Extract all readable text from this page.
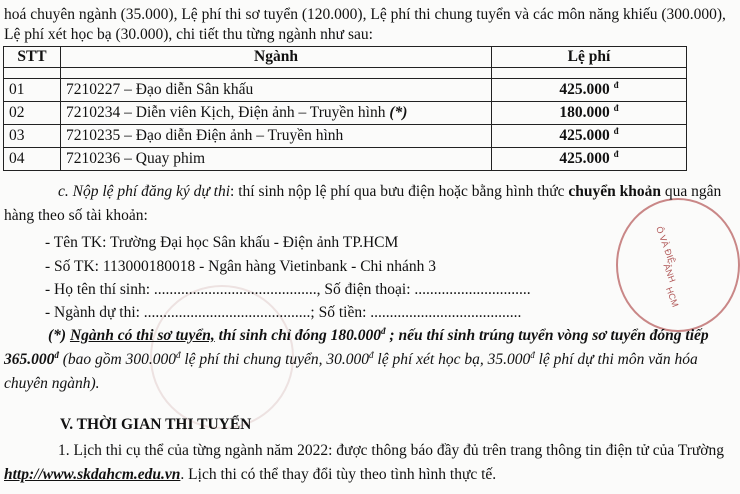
Ô VÀ ĐIỆ
ẢNH
HCM
hoá chuyên ngành (35.000), Lệ phí thi sơ tuyển (120.000), Lệ phí thi chung tuyển và các môn năng khiếu (300.000),
Lệ phí xét học bạ (30.000), chi tiết thu từng ngành như sau:
STT	Ngành	Lệ phí

01	7210227 – Đạo diễn Sân khấu	425.000 $^đ$
02	7210234 – Diễn viên Kịch, Điện ảnh – Truyền hình (*)	180.000 $^đ$
03	7210235 – Đạo diễn Điện ảnh – Truyền hình	425.000 $^đ$
04	7210236 – Quay phim	425.000 $^đ$
c. Nộp lệ phí đăng ký dự thi: thí sinh nộp lệ phí qua bưu điện hoặc bằng hình thức chuyển khoản qua ngân
hàng theo số tài khoản:
- Tên TK: Trường Đại học Sân khấu - Điện ảnh TP.HCM
- Số TK: 113000180018 - Ngân hàng Vietinbank - Chi nhánh 3
- Họ tên thí sinh: .........................................., Số điện thoại: ..............................
- Ngành dự thi: ...........................................; Số tiền: .......................................
(*) Ngành có thi sơ tuyển, thí sinh chỉ đóng $180.000^đ$ ; nếu thí sinh trúng tuyển vòng sơ tuyển đóng tiếp
$365.000^đ$ (bao gồm $300.000^đ$ lệ phí thi chung tuyển, $30.000^đ$ lệ phí xét học bạ, $35.000^đ$ lệ phí dự thi môn văn hóa
chuyên ngành).
V. THỜI GIAN THI TUYỂN
1. Lịch thi cụ thể của từng ngành năm 2022: được thông báo đầy đủ trên trang thông tin điện tử của Trường
http://www.skdahcm.edu.vn. Lịch thi có thể thay đổi tùy theo tình hình thực tế.
